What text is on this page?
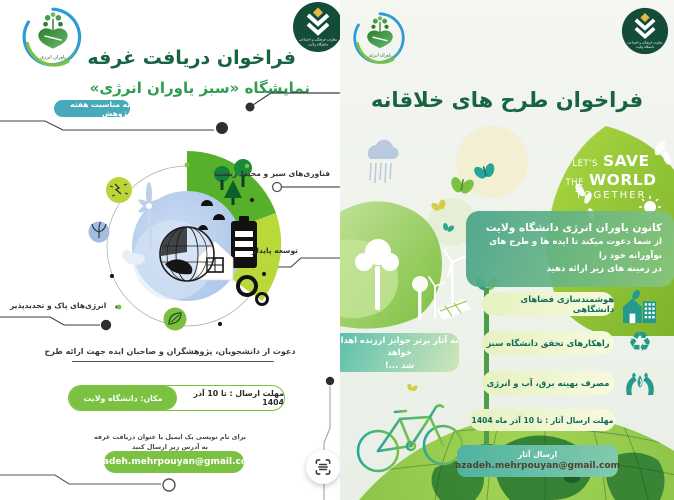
یاوران انرژی
معاونت فرهنگی و اجتماعی
دانشگاه ولایت
فراخوان دریافت غرفه
نمایشگاه «سبز یاوران انرژی»
به مناسبت هفته پژوهش
فناوری‌های سبز و محیط زیست
توسعه پایدار
انرژی‌های پاک و تجدیدپذیر

دعوت از دانشجویان، پژوهشگران و صاحبان ایده جهت ارائه طرح

مکان: دانشگاه ولایت	مهلت ارسال : تا 10 آذر 1404

برای نام نویسی یک ایمیل با عنوان دریافت غرفه
به آدرس زیر ارسال کنید

azadeh.mehrpouyan@gmail.com
یاوران انرژی
معاونت فرهنگی و اجتماعی
دانشگاه ولایت
فراخوان طرح های خلاقانه
LET'S SAVE
THE WORLD
TOGETHER
کانون یاوران انرژی دانشگاه ولایت
از شما دعوت میکند تا ایده ها و طرح های نوآورانه خود را
در زمینه های زیر ارائه دهید
هوشمندسازی فضاهای دانشگاهی
راهکارهای تحقق دانشگاه سبز
مصرف بهینه برق، آب و انرژی
مهلت ارسال آثار : تا 10 آذر ماه 1404
♻
به آثار برتر جوایز ارزنده اهدا خواهد
شد ...!
ارسال آثار
azadeh.mehrpouyan@gmail.com
